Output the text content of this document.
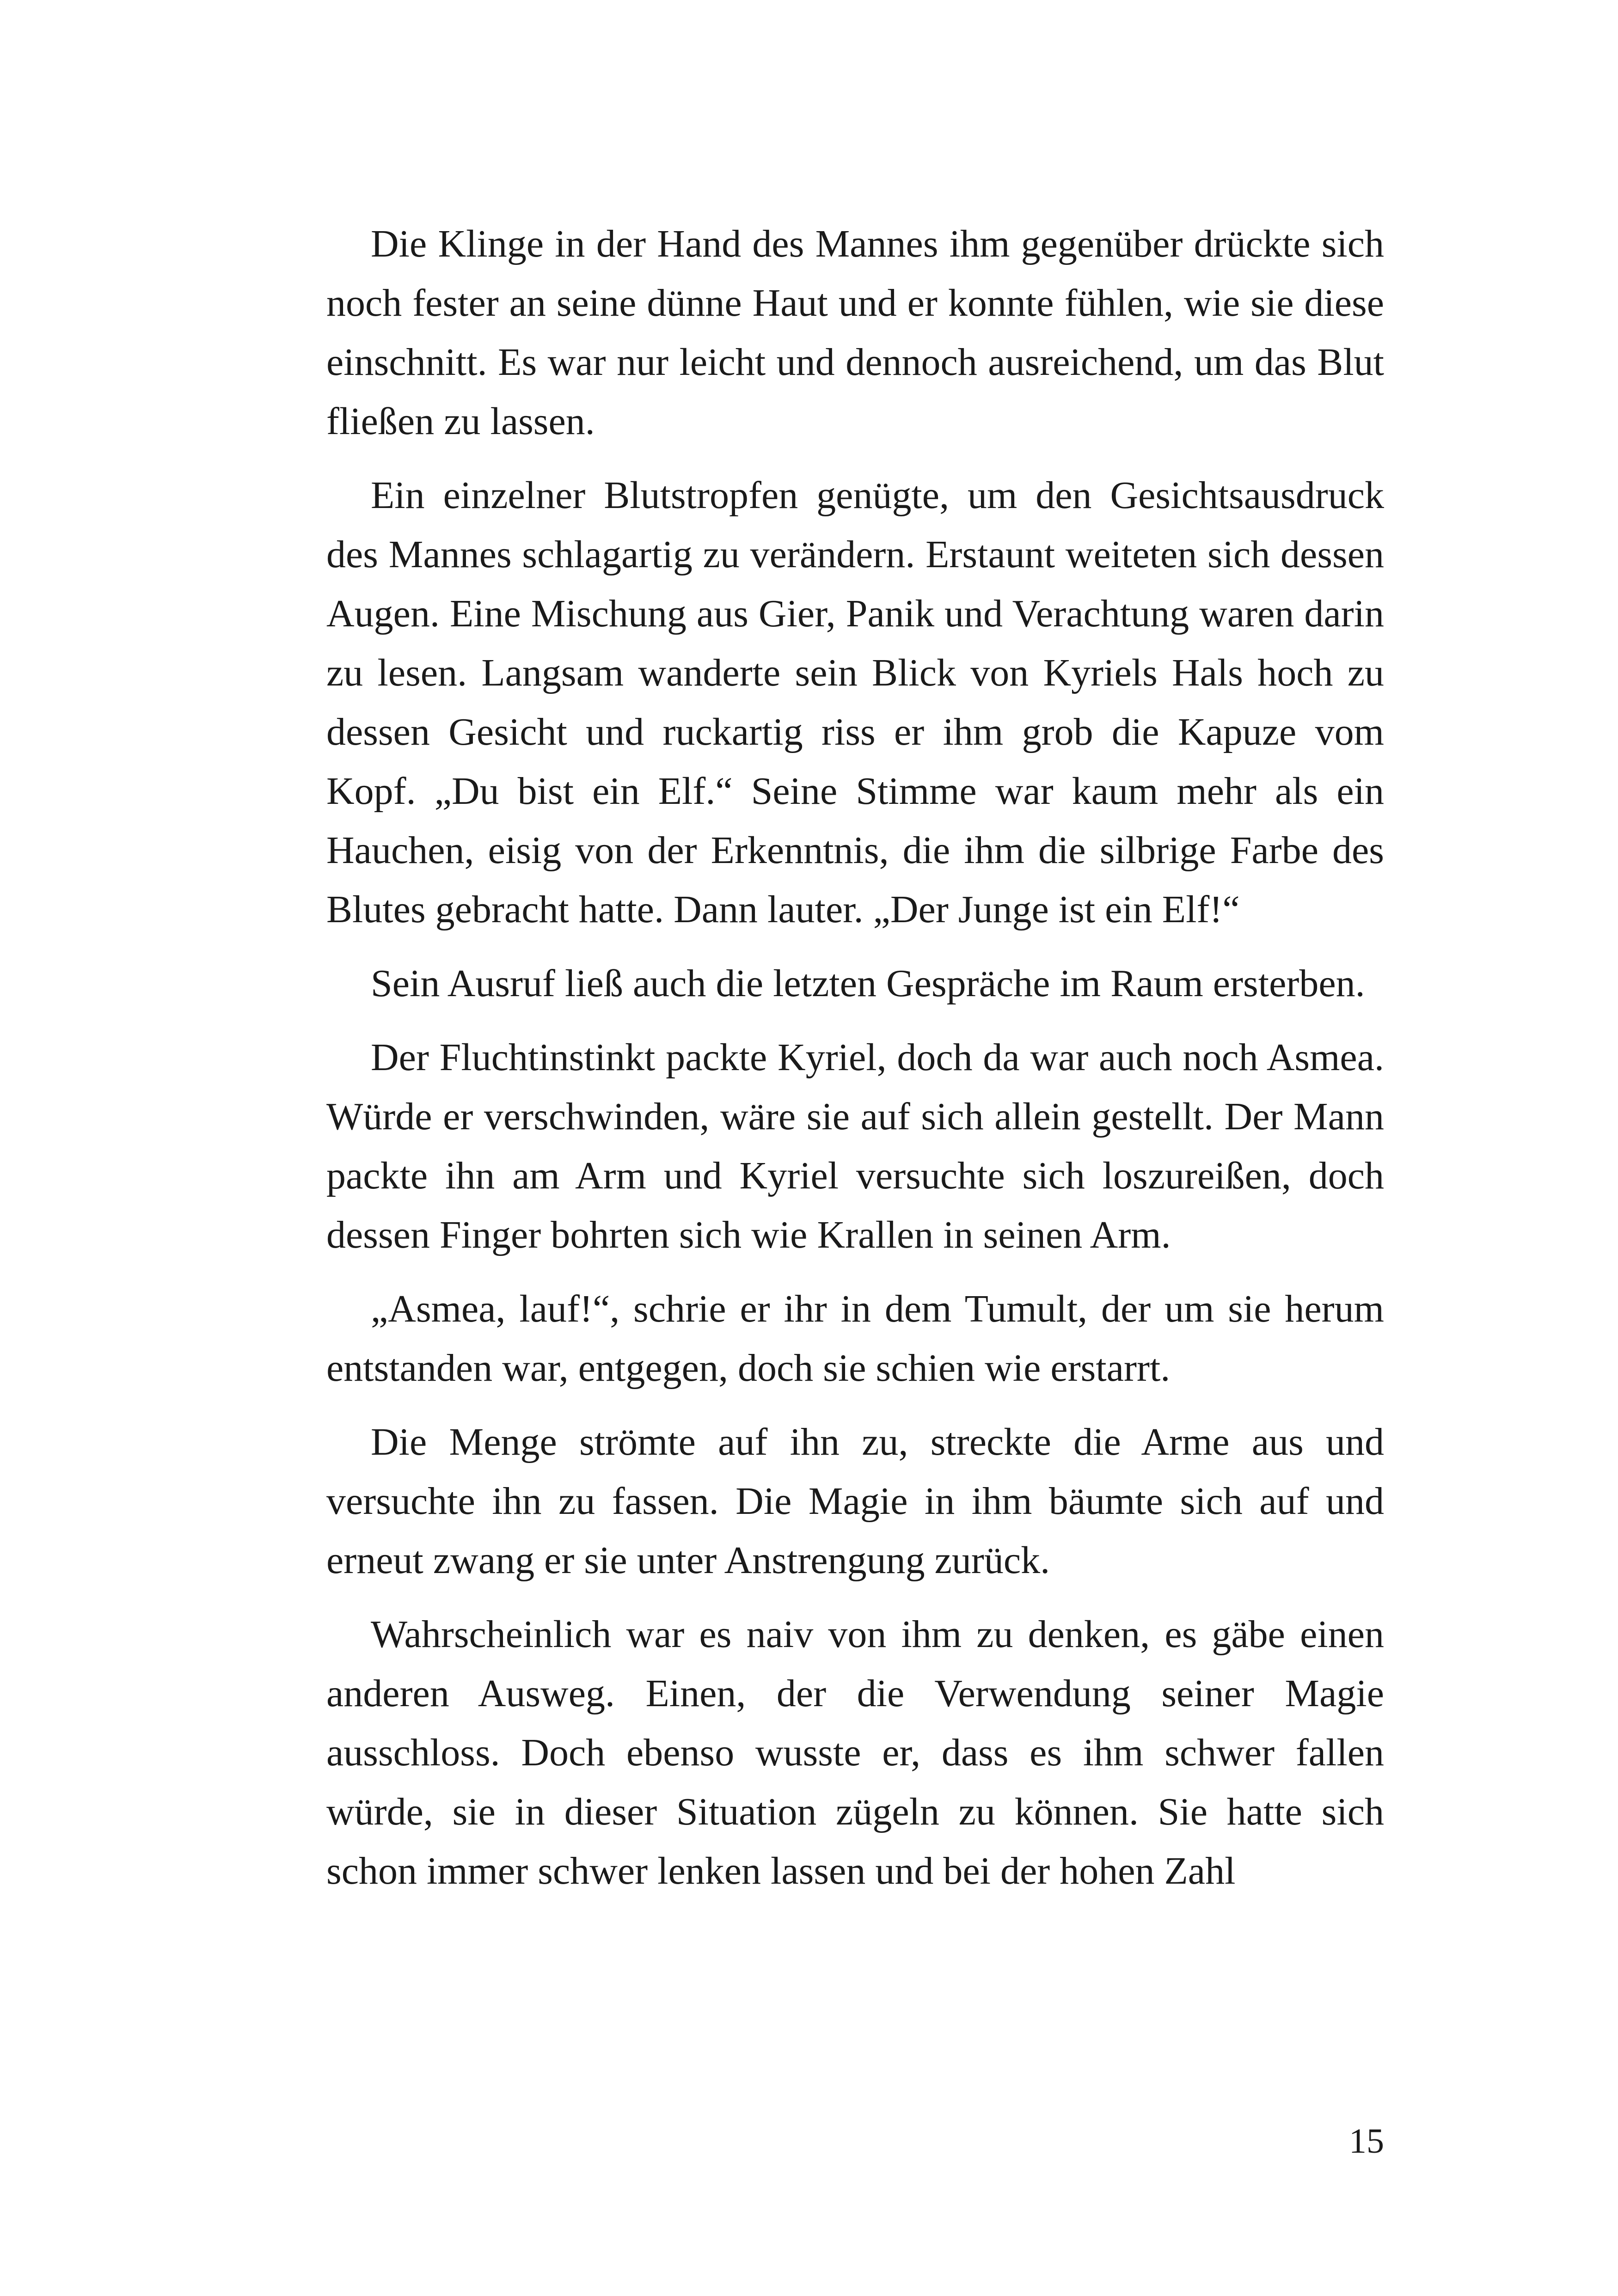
Die Klinge in der Hand des Mannes ihm gegenüber drückte sich noch fester an seine dünne Haut und er konnte fühlen, wie sie diese einschnitt. Es war nur leicht und dennoch ausreichend, um das Blut fließen zu lassen.

Ein einzelner Blutstropfen genügte, um den Gesichtsausdruck des Mannes schlagartig zu verändern. Erstaunt weiteten sich dessen Augen. Eine Mischung aus Gier, Panik und Verachtung waren darin zu lesen. Langsam wanderte sein Blick von Kyriels Hals hoch zu dessen Gesicht und ruckartig riss er ihm grob die Kapuze vom Kopf. „Du bist ein Elf.“ Seine Stimme war kaum mehr als ein Hauchen, eisig von der Erkenntnis, die ihm die silbrige Farbe des Blutes gebracht hatte. Dann lauter. „Der Junge ist ein Elf!“

Sein Ausruf ließ auch die letzten Gespräche im Raum ersterben.

Der Fluchtinstinkt packte Kyriel, doch da war auch noch Asmea. Würde er verschwinden, wäre sie auf sich allein gestellt. Der Mann packte ihn am Arm und Kyriel versuchte sich loszureißen, doch dessen Finger bohrten sich wie Krallen in seinen Arm.

„Asmea, lauf!“, schrie er ihr in dem Tumult, der um sie herum entstanden war, entgegen, doch sie schien wie erstarrt.

Die Menge strömte auf ihn zu, streckte die Arme aus und versuchte ihn zu fassen. Die Magie in ihm bäumte sich auf und erneut zwang er sie unter Anstrengung zurück.

Wahrscheinlich war es naiv von ihm zu denken, es gäbe einen anderen Ausweg. Einen, der die Verwendung seiner Magie ausschloss. Doch ebenso wusste er, dass es ihm schwer fallen würde, sie in dieser Situation zügeln zu können. Sie hatte sich schon immer schwer lenken lassen und bei der hohen Zahl

15
